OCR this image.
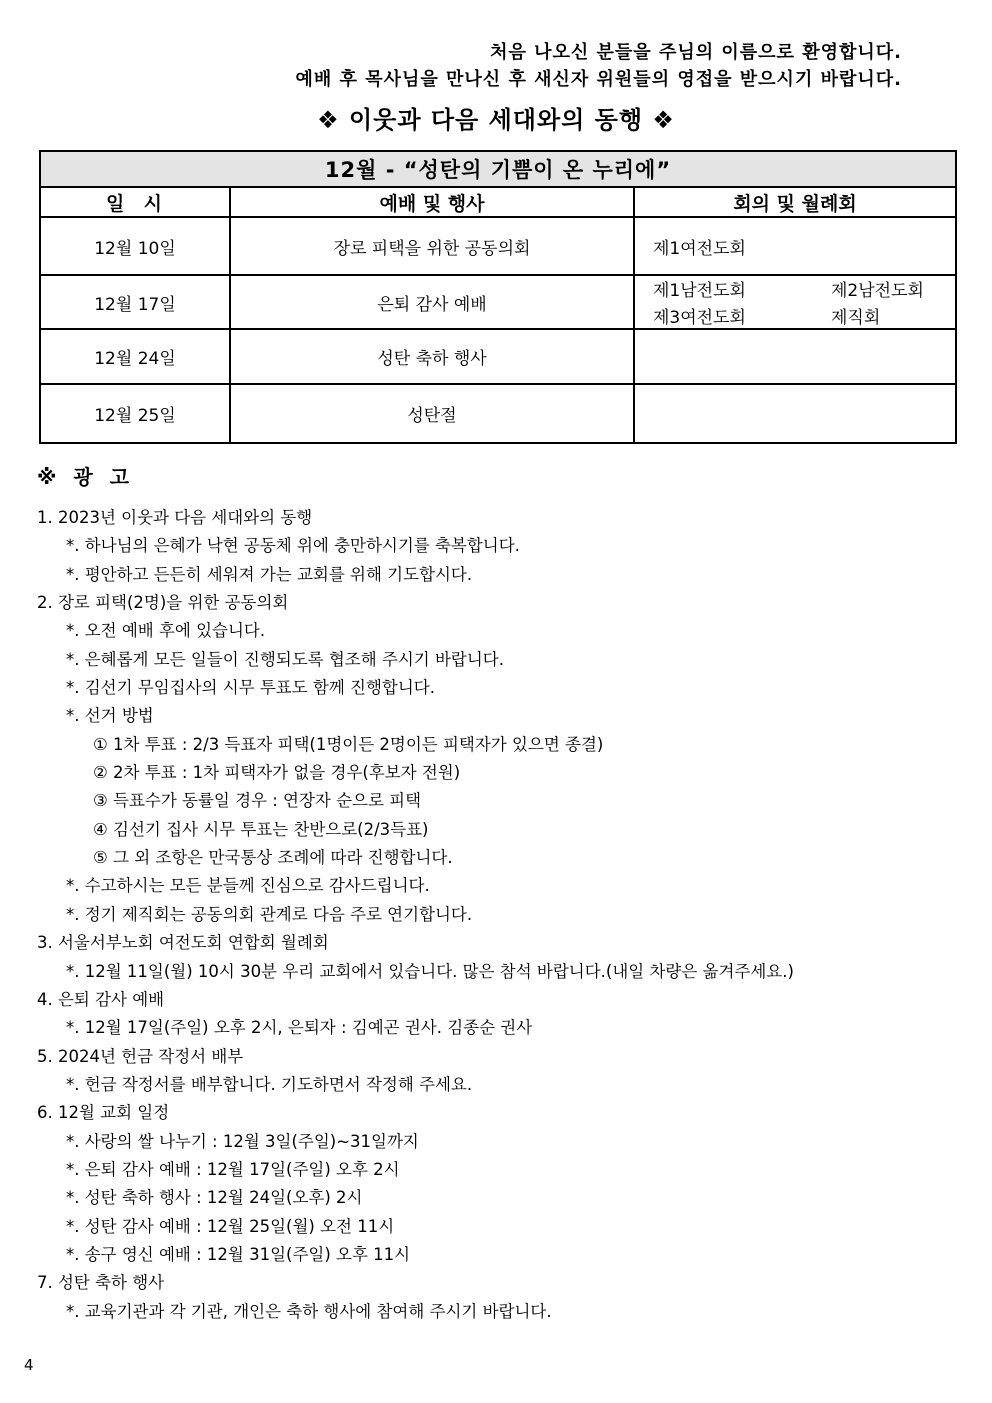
처음 나오신 분들을 주님의 이름으로 환영합니다.
예배 후 목사님을 만나신 후 새신자 위원들의 영접을 받으시기 바랍니다.
❖ 이웃과 다음 세대와의 동행 ❖
12월 - “성탄의 기쁨이 온 누리에”		
일  시	예배 및 행사	회의 및 월례회
12월 10일	장로 피택을 위한 공동의회	제1여전도회
12월 17일	은퇴 감사 예배	제1남전도회 제2남전도회
제3여전도회 제직회

12월 24일	성탄 축하 행사	
12월 25일	성탄절	
※ 광 고
1. 2023년 이웃과 다음 세대와의 동행
*. 하나님의 은혜가 낙현 공동체 위에 충만하시기를 축복합니다.
*. 평안하고 든든히 세워져 가는 교회를 위해 기도합시다.
2. 장로 피택(2명)을 위한 공동의회
*. 오전 예배 후에 있습니다.
*. 은혜롭게 모든 일들이 진행되도록 협조해 주시기 바랍니다.
*. 김선기 무임집사의 시무 투표도 함께 진행합니다.
*. 선거 방법
① 1차 투표 : 2/3 득표자 피택(1명이든 2명이든 피택자가 있으면 종결)
② 2차 투표 : 1차 피택자가 없을 경우(후보자 전원)
③ 득표수가 동률일 경우 : 연장자 순으로 피택
④ 김선기 집사 시무 투표는 찬반으로(2/3득표)
⑤ 그 외 조항은 만국통상 조례에 따라 진행합니다.
*. 수고하시는 모든 분들께 진심으로 감사드립니다.
*. 정기 제직회는 공동의회 관계로 다음 주로 연기합니다.
3. 서울서부노회 여전도회 연합회 월례회
*. 12월 11일(월) 10시 30분 우리 교회에서 있습니다. 많은 참석 바랍니다.(내일 차량은 옮겨주세요.)
4. 은퇴 감사 예배
*. 12월 17일(주일) 오후 2시, 은퇴자 : 김예곤 권사. 김종순 권사
5. 2024년 헌금 작정서 배부
*. 헌금 작정서를 배부합니다. 기도하면서 작정해 주세요.
6. 12월 교회 일정
*. 사랑의 쌀 나누기 : 12월 3일(주일)~31일까지
*. 은퇴 감사 예배 : 12월 17일(주일) 오후 2시
*. 성탄 축하 행사 : 12월 24일(오후) 2시
*. 성탄 감사 예배 : 12월 25일(월) 오전 11시
*. 송구 영신 예배 : 12월 31일(주일) 오후 11시
7. 성탄 축하 행사
*. 교육기관과 각 기관, 개인은 축하 행사에 참여해 주시기 바랍니다.
4
